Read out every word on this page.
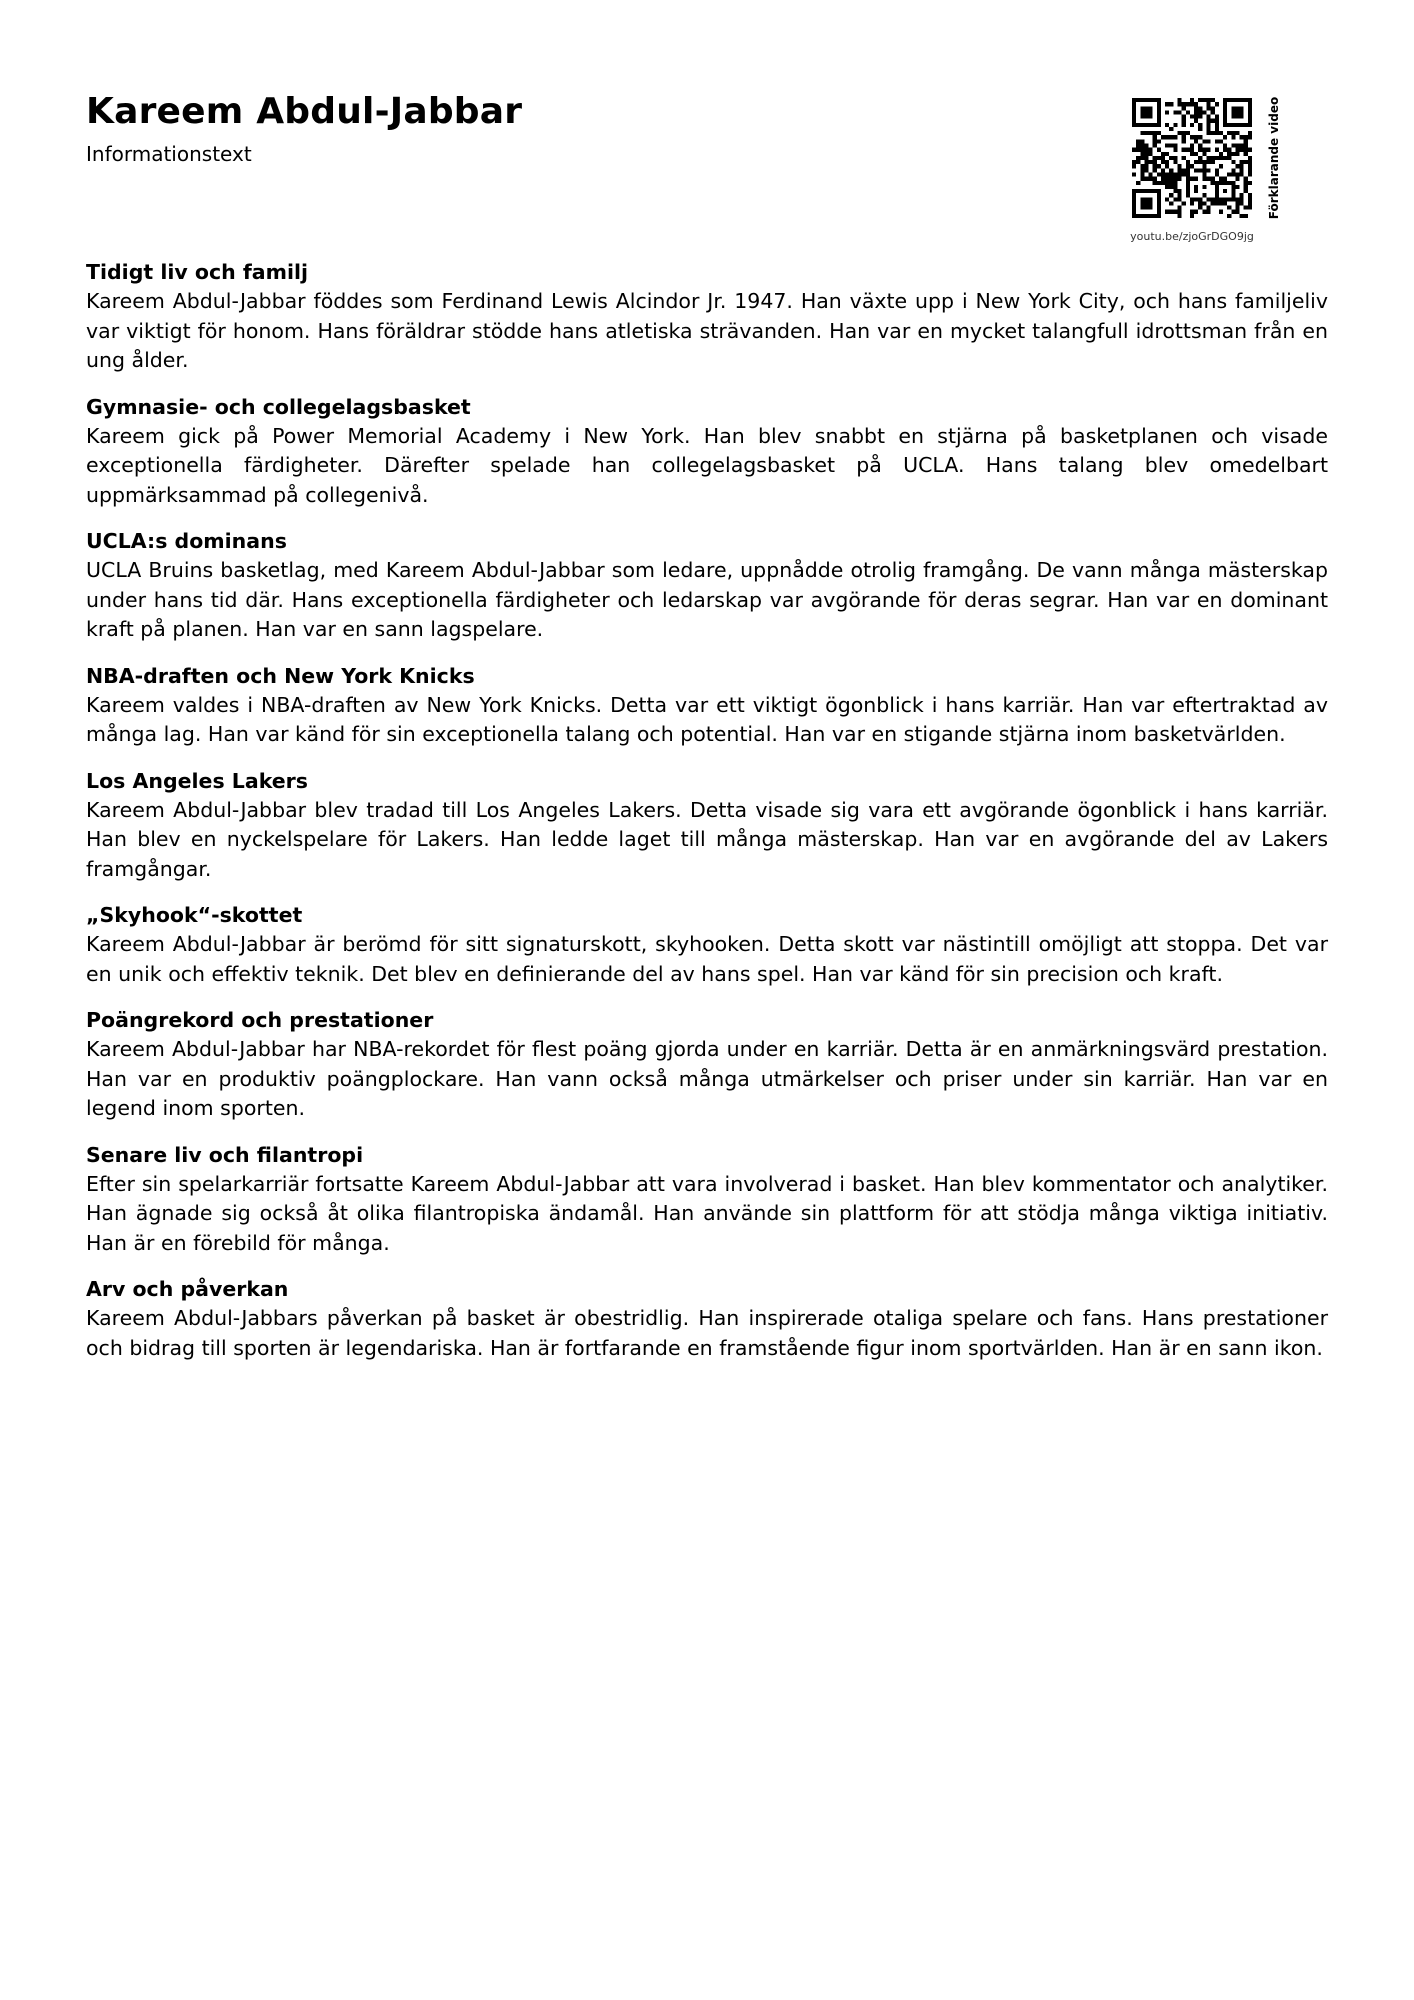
Kareem Abdul-Jabbar

Informationstext

youtu.be/zjoGrDGO9jg
Förklarande video
Tidigt liv och familj

Kareem Abdul-Jabbar föddes som Ferdinand Lewis Alcindor Jr. 1947. Han växte upp i New York City, och hans familjeliv var viktigt för honom. Hans föräldrar stödde hans atletiska strävanden. Han var en mycket talangfull idrottsman från en ung ålder.

Gymnasie- och collegelagsbasket

Kareem gick på Power Memorial Academy i New York. Han blev snabbt en stjärna på basketplanen och visade exceptionella färdigheter. Därefter spelade han collegelagsbasket på UCLA. Hans talang blev omedelbart uppmärksammad på collegenivå.

UCLA:s dominans

UCLA Bruins basketlag, med Kareem Abdul-Jabbar som ledare, uppnådde otrolig framgång. De vann många mästerskap under hans tid där. Hans exceptionella färdigheter och ledarskap var avgörande för deras segrar. Han var en dominant kraft på planen. Han var en sann lagspelare.

NBA-draften och New York Knicks

Kareem valdes i NBA-draften av New York Knicks. Detta var ett viktigt ögonblick i hans karriär. Han var eftertraktad av många lag. Han var känd för sin exceptionella talang och potential. Han var en stigande stjärna inom basketvärlden.

Los Angeles Lakers

Kareem Abdul-Jabbar blev tradad till Los Angeles Lakers. Detta visade sig vara ett avgörande ögonblick i hans karriär. Han blev en nyckelspelare för Lakers. Han ledde laget till många mästerskap. Han var en avgörande del av Lakers framgångar.

„Skyhook“-skottet

Kareem Abdul-Jabbar är berömd för sitt signaturskott, skyhooken. Detta skott var nästintill omöjligt att stoppa. Det var en unik och effektiv teknik. Det blev en definierande del av hans spel. Han var känd för sin precision och kraft.

Poängrekord och prestationer

Kareem Abdul-Jabbar har NBA-rekordet för flest poäng gjorda under en karriär. Detta är en anmärkningsvärd prestation. Han var en produktiv poängplockare. Han vann också många utmärkelser och priser under sin karriär. Han var en legend inom sporten.

Senare liv och filantropi

Efter sin spelarkarriär fortsatte Kareem Abdul-Jabbar att vara involverad i basket. Han blev kommentator och analytiker. Han ägnade sig också åt olika filantropiska ändamål. Han använde sin plattform för att stödja många viktiga initiativ. Han är en förebild för många.

Arv och påverkan

Kareem Abdul-Jabbars påverkan på basket är obestridlig. Han inspirerade otaliga spelare och fans. Hans prestationer och bidrag till sporten är legendariska. Han är fortfarande en framstående figur inom sportvärlden. Han är en sann ikon.
